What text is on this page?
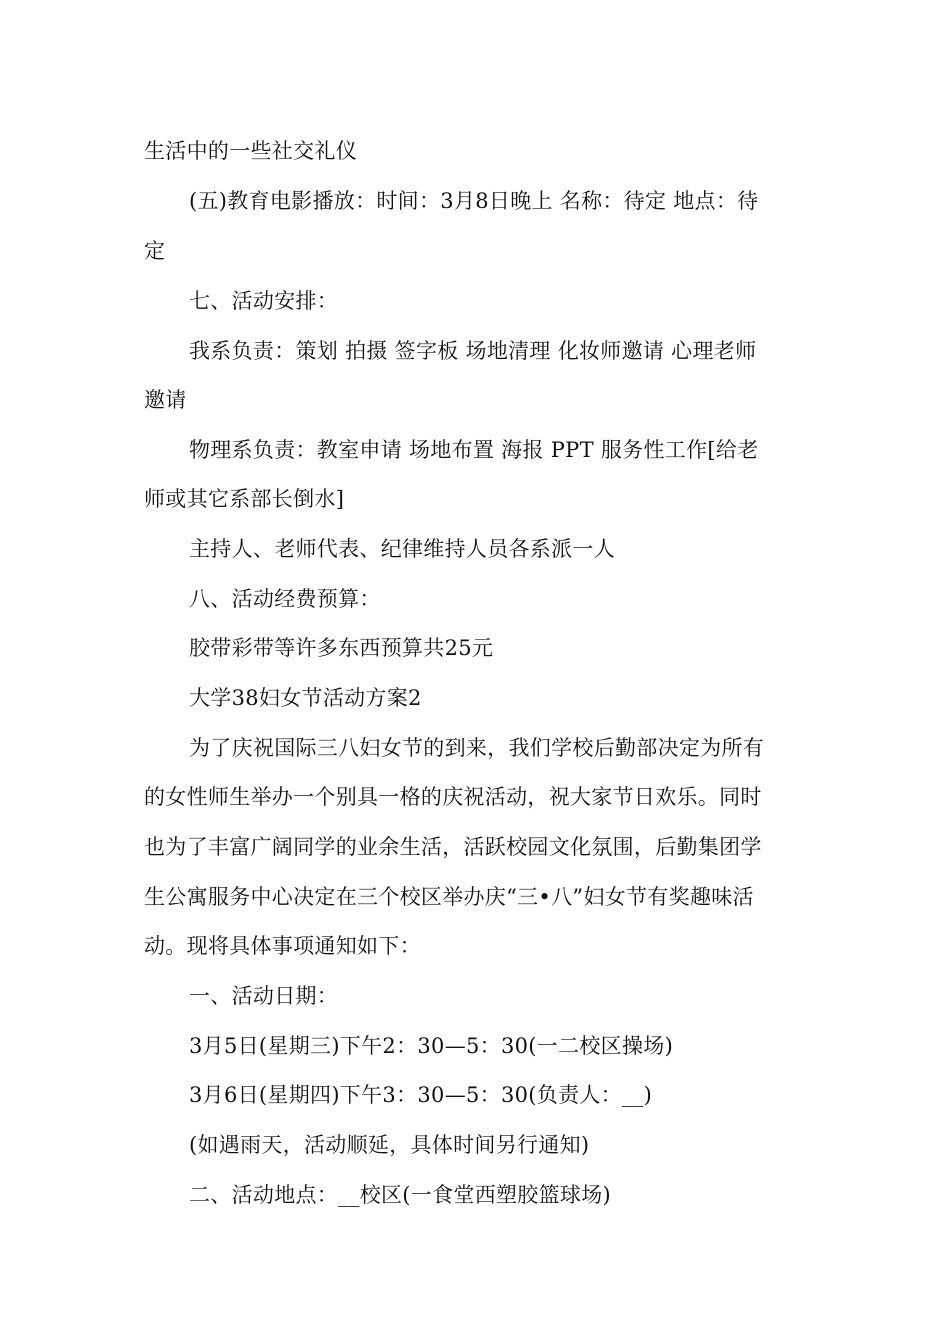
生活中的一些社交礼仪
(五)教育电影播放：时间：3月8日晚上 名称：待定 地点：待
定
七、活动安排：
我系负责：策划 拍摄 签字板 场地清理 化妆师邀请 心理老师
邀请
物理系负责：教室申请 场地布置 海报 PPT 服务性工作[给老
师或其它系部长倒水]
主持人、老师代表、纪律维持人员各系派一人
八、活动经费预算：
胶带彩带等许多东西预算共25元
大学38妇女节活动方案2
为了庆祝国际三八妇女节的到来，我们学校后勤部决定为所有
的女性师生举办一个别具一格的庆祝活动，祝大家节日欢乐。同时
也为了丰富广阔同学的业余生活，活跃校园文化氛围，后勤集团学
生公寓服务中心决定在三个校区举办庆“三•八”妇女节有奖趣味活
动。现将具体事项通知如下：
一、活动日期：
3月5日(星期三)下午2：30—5：30(一二校区操场)
3月6日(星期四)下午3：30—5：30(负责人：__)
(如遇雨天，活动顺延，具体时间另行通知)
二、活动地点：__校区(一食堂西塑胶篮球场)
